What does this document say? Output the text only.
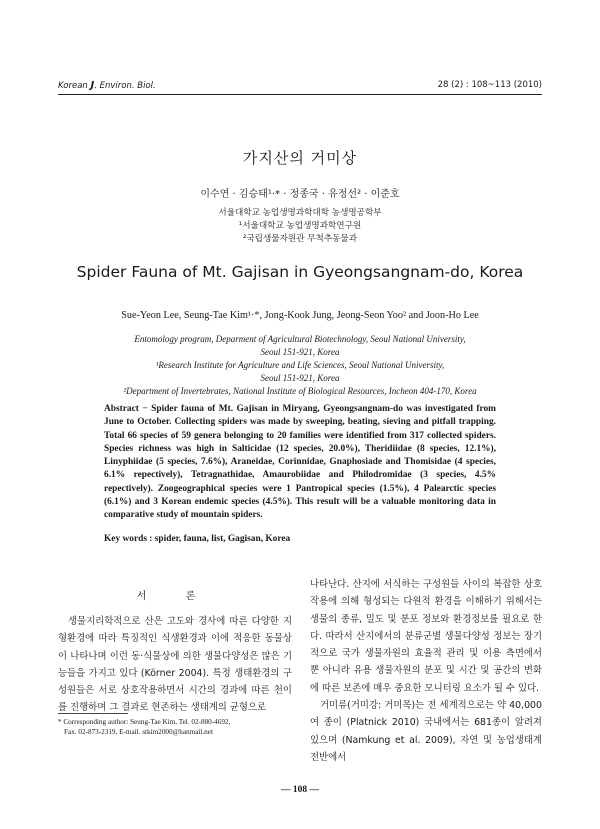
Korean J. Environ. Biol.	28 (2) : 108~113 (2010)
가지산의 거미상
이수연 · 김승태¹·* · 정종국 · 유정선² · 이준호
서울대학교 농업생명과학대학 농생명공학부
¹서울대학교 농업생명과학연구원
²국립생물자원관 무척추동물과
Spider Fauna of Mt. Gajisan in Gyeongsangnam-do, Korea
Sue-Yeon Lee, Seung-Tae Kim¹·*, Jong-Kook Jung, Jeong-Seon Yoo² and Joon-Ho Lee
Entomology program, Deparment of Agricultural Biotechnology, Seoul National University,
Seoul 151-921, Korea
¹Research Institute for Agriculture and Life Sciences, Seoul National University,
Seoul 151-921, Korea
²Department of Invertebrates, National Institute of Biological Resources, Incheon 404-170, Korea
Abstract − Spider fauna of Mt. Gajisan in Miryang, Gyeongsangnam-do was investigated from June to October. Collecting spiders was made by sweeping, beating, sieving and pitfall trapping. Total 66 species of 59 genera belonging to 20 families were identified from 317 collected spiders. Species richness was high in Salticidae (12 species, 20.0%), Theridiidae (8 species, 12.1%), Linyphiidae (5 species, 7.6%), Araneidae, Corinnidae, Gnaphosiade and Thomisidae (4 species, 6.1% repectively), Tetragnathidae, Amaurobiidae and Philodromidae (3 species, 4.5% repectively). Zoogeographical species were 1 Pantropical species (1.5%), 4 Palearctic species (6.1%) and 3 Korean endemic species (4.5%). This result will be a valuable monitoring data in comparative study of mountain spiders.
Key words : spider, fauna, list, Gagisan, Korea
서 론

생물지리학적으로 산은 고도와 경사에 따른 다양한 지형환경에 따라 특징적인 식생환경과 이에 적응한 동물상이 나타나며 이런 동·식물상에 의한 생물다양성은 많은 기능들을 가지고 있다 (Körner 2004). 특정 생태환경의 구성원들은 서로 상호작용하면서 시간의 경과에 따른 천이를 진행하며 그 결과로 현존하는 생태계의 균형으로

나타난다. 산지에 서식하는 구성원들 사이의 복잡한 상호작용에 의해 형성되는 다원적 환경을 이해하기 위해서는 생물의 종류, 밀도 및 분포 정보와 환경정보를 필요로 한다. 따라서 산지에서의 분류군별 생물다양성 정보는 장기적으로 국가 생물자원의 효율적 관리 및 이용 측면에서 뿐 아니라 유용 생물자원의 분포 및 시간 및 공간의 변화에 따른 보존에 매우 중요한 모니터링 요소가 될 수 있다.

거미류(거미강: 거미목)는 전 세계적으로는 약 40,000여 종이 (Platnick 2010) 국내에서는 681종이 알려져 있으며 (Namkung et al. 2009), 자연 및 농업생태계 전반에서

* Corresponding author: Seung-Tae Kim, Tel. 02-880-4692,
Fax. 02-873-2319, E-mail. stkim2000@hanmail.net
— 108 —
